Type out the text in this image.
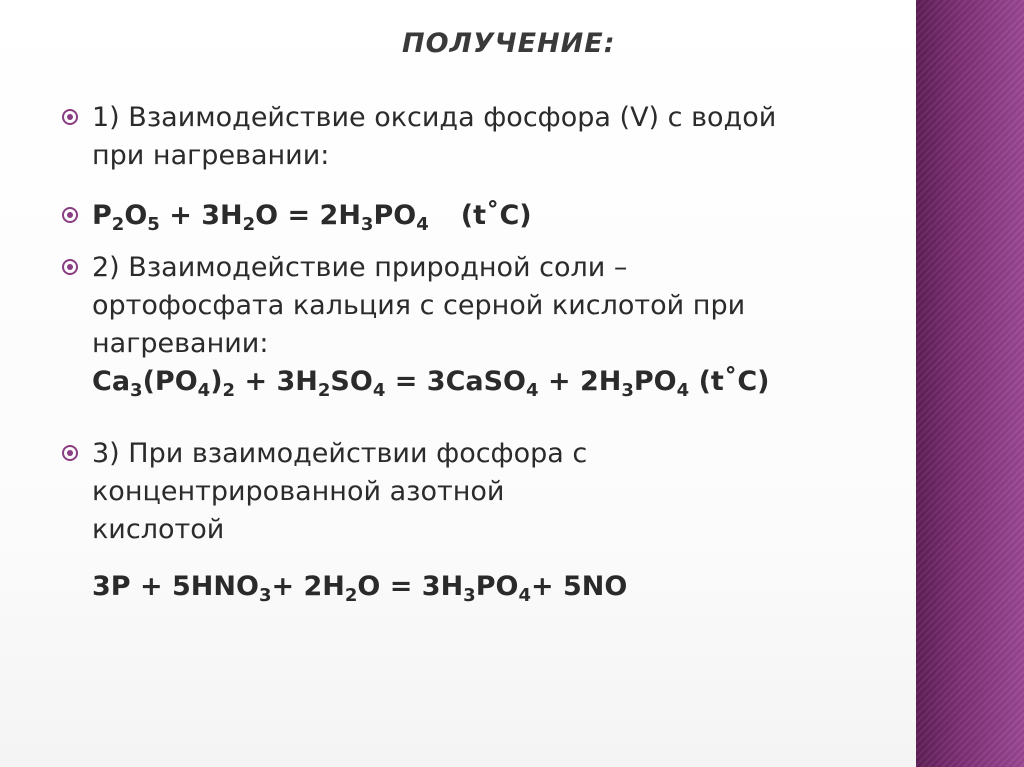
ПОЛУЧЕНИЕ:
1) Взаимодействие оксида фосфора (V) с водой
при нагревании:
$P_2O_5 + 3H_2O = 2H_3PO_4$ (t˚C)
2) Взаимодействие природной соли –
ортофосфата кальция с серной кислотой при
нагревании:
$Ca_3(PO_4)_2 + 3H_2SO_4$ = 3CaSO$_4$ + $2H_3PO_4$ (t˚C)
3) При взаимодействии фосфора с
концентрированной азотной
кислотой
$3P + 5HNO_3+ 2H_2O = 3H_3PO_4+ 5NO$
